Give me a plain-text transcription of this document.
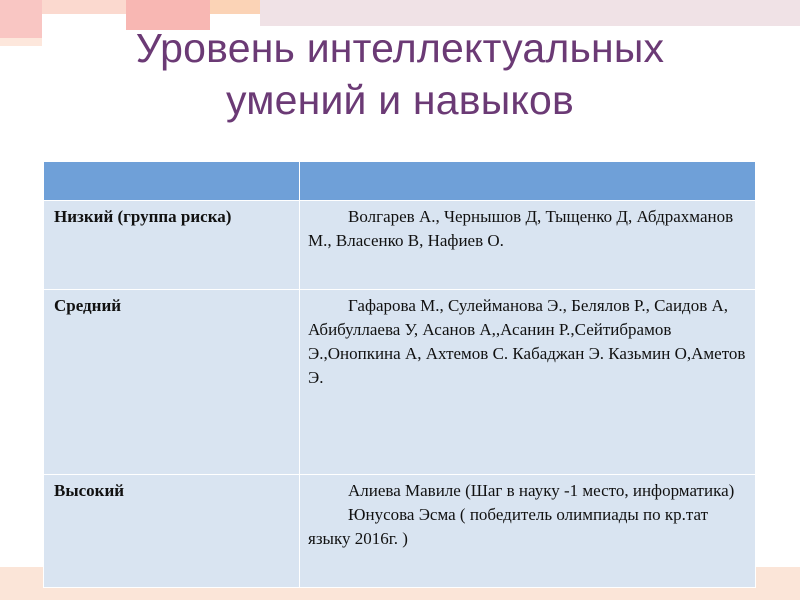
Уровень интеллектуальных
умений и навыков

Низкий (группа риска)	Волгарев А., Чернышов Д, Тыщенко Д, Абдрахманов М., Власенко В, Нафиев О.

Средний	Гафарова М., Сулейманова Э., Белялов Р., Саидов А, Абибуллаева У, Асанов А,,Асанин Р.,Сейтибрамов Э.,Онопкина А, Ахтемов С. Кабаджан Э. Казьмин О,Аметов Э.

Высокий	Алиева Мавиле (Шаг в науку -1 место, информатика)

Юнусова Эсма ( победитель олимпиады по кр.тат языку 2016г. )
